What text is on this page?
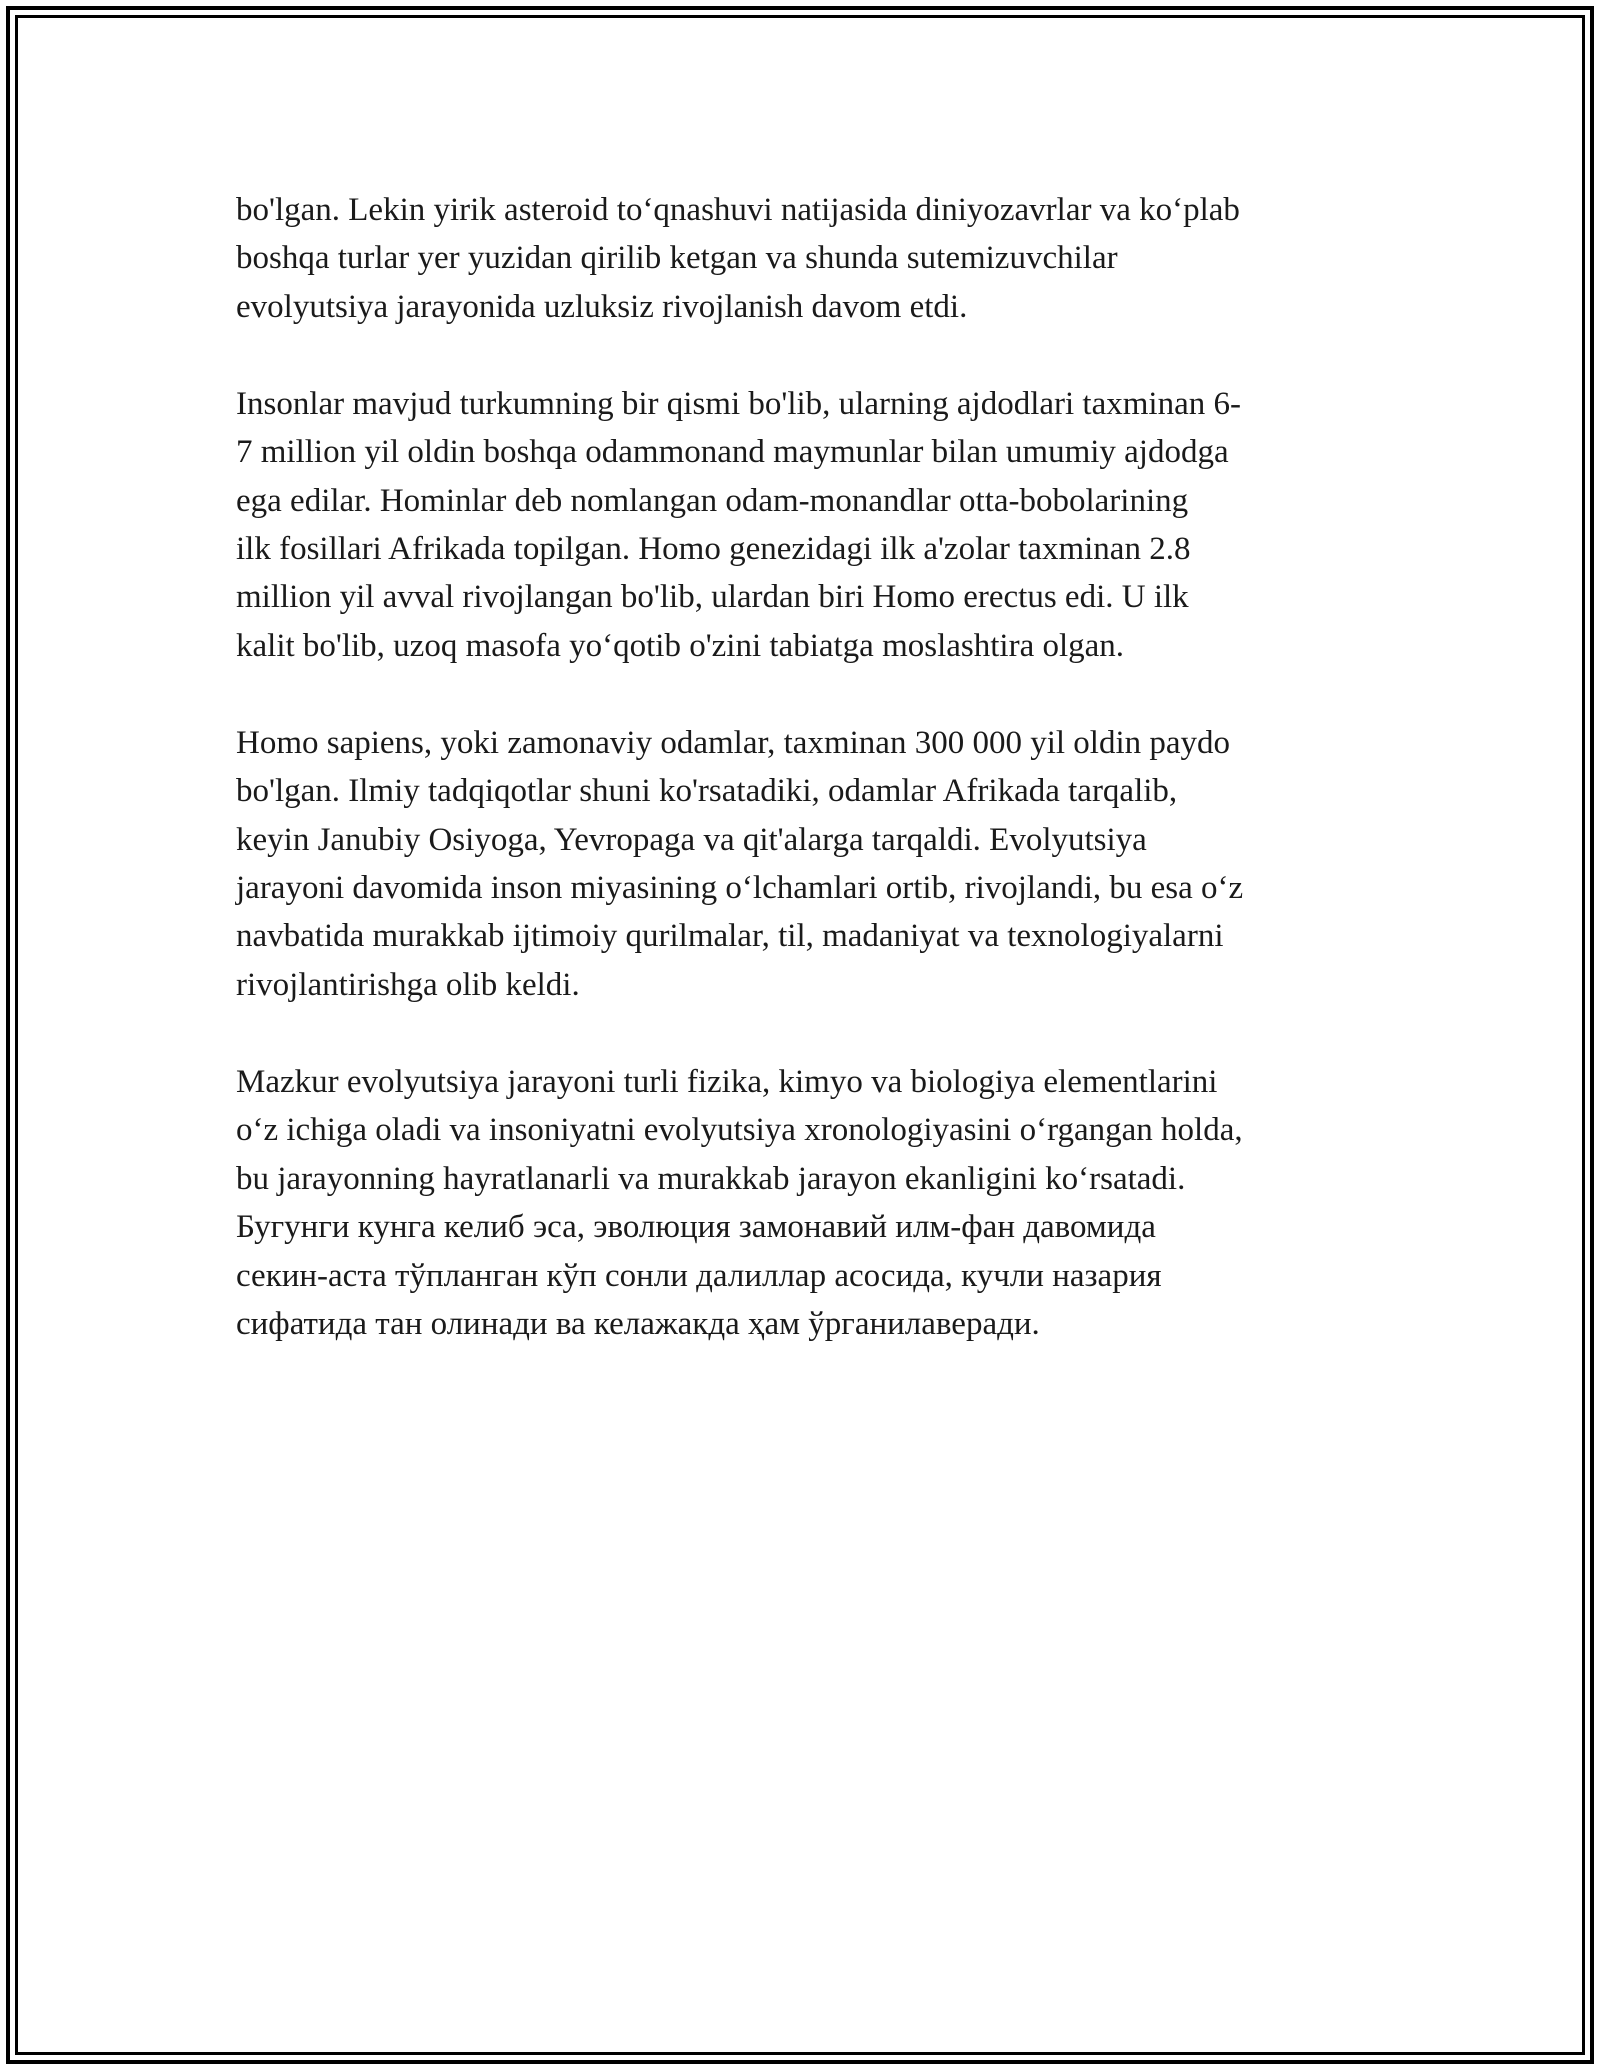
bo'lgan. Lekin yirik asteroid toʻqnashuvi natijasida diniyozavrlar va koʻplab
boshqa turlar yer yuzidan qirilib ketgan va shunda sutemizuvchilar
evolyutsiya jarayonida uzluksiz rivojlanish davom etdi.

Insonlar mavjud turkumning bir qismi bo'lib, ularning ajdodlari taxminan 6-
7 million yil oldin boshqa odammonand maymunlar bilan umumiy ajdodga
ega edilar. Hominlar deb nomlangan odam-monandlar otta-bobolarining
ilk fosillari Afrikada topilgan. Homo genezidagi ilk a'zolar taxminan 2.8
million yil avval rivojlangan bo'lib, ulardan biri Homo erectus edi. U ilk
kalit bo'lib, uzoq masofa yoʻqotib o'zini tabiatga moslashtira olgan.

Homo sapiens, yoki zamonaviy odamlar, taxminan 300 000 yil oldin paydo
bo'lgan. Ilmiy tadqiqotlar shuni ko'rsatadiki, odamlar Afrikada tarqalib,
keyin Janubiy Osiyoga, Yevropaga va qit'alarga tarqaldi. Evolyutsiya
jarayoni davomida inson miyasining oʻlchamlari ortib, rivojlandi, bu esa oʻz
navbatida murakkab ijtimoiy qurilmalar, til, madaniyat va texnologiyalarni
rivojlantirishga olib keldi.

Mazkur evolyutsiya jarayoni turli fizika, kimyo va biologiya elementlarini
oʻz ichiga oladi va insoniyatni evolyutsiya xronologiyasini oʻrgangan holda,
bu jarayonning hayratlanarli va murakkab jarayon ekanligini koʻrsatadi.
Бугунги кунга келиб эса, эволюция замонавий илм-фан давомида
секин-аста тўпланган кўп сонли далиллар асосида, кучли назария
сифатида тан олинади ва келажакда ҳам ўрганилаверади.
